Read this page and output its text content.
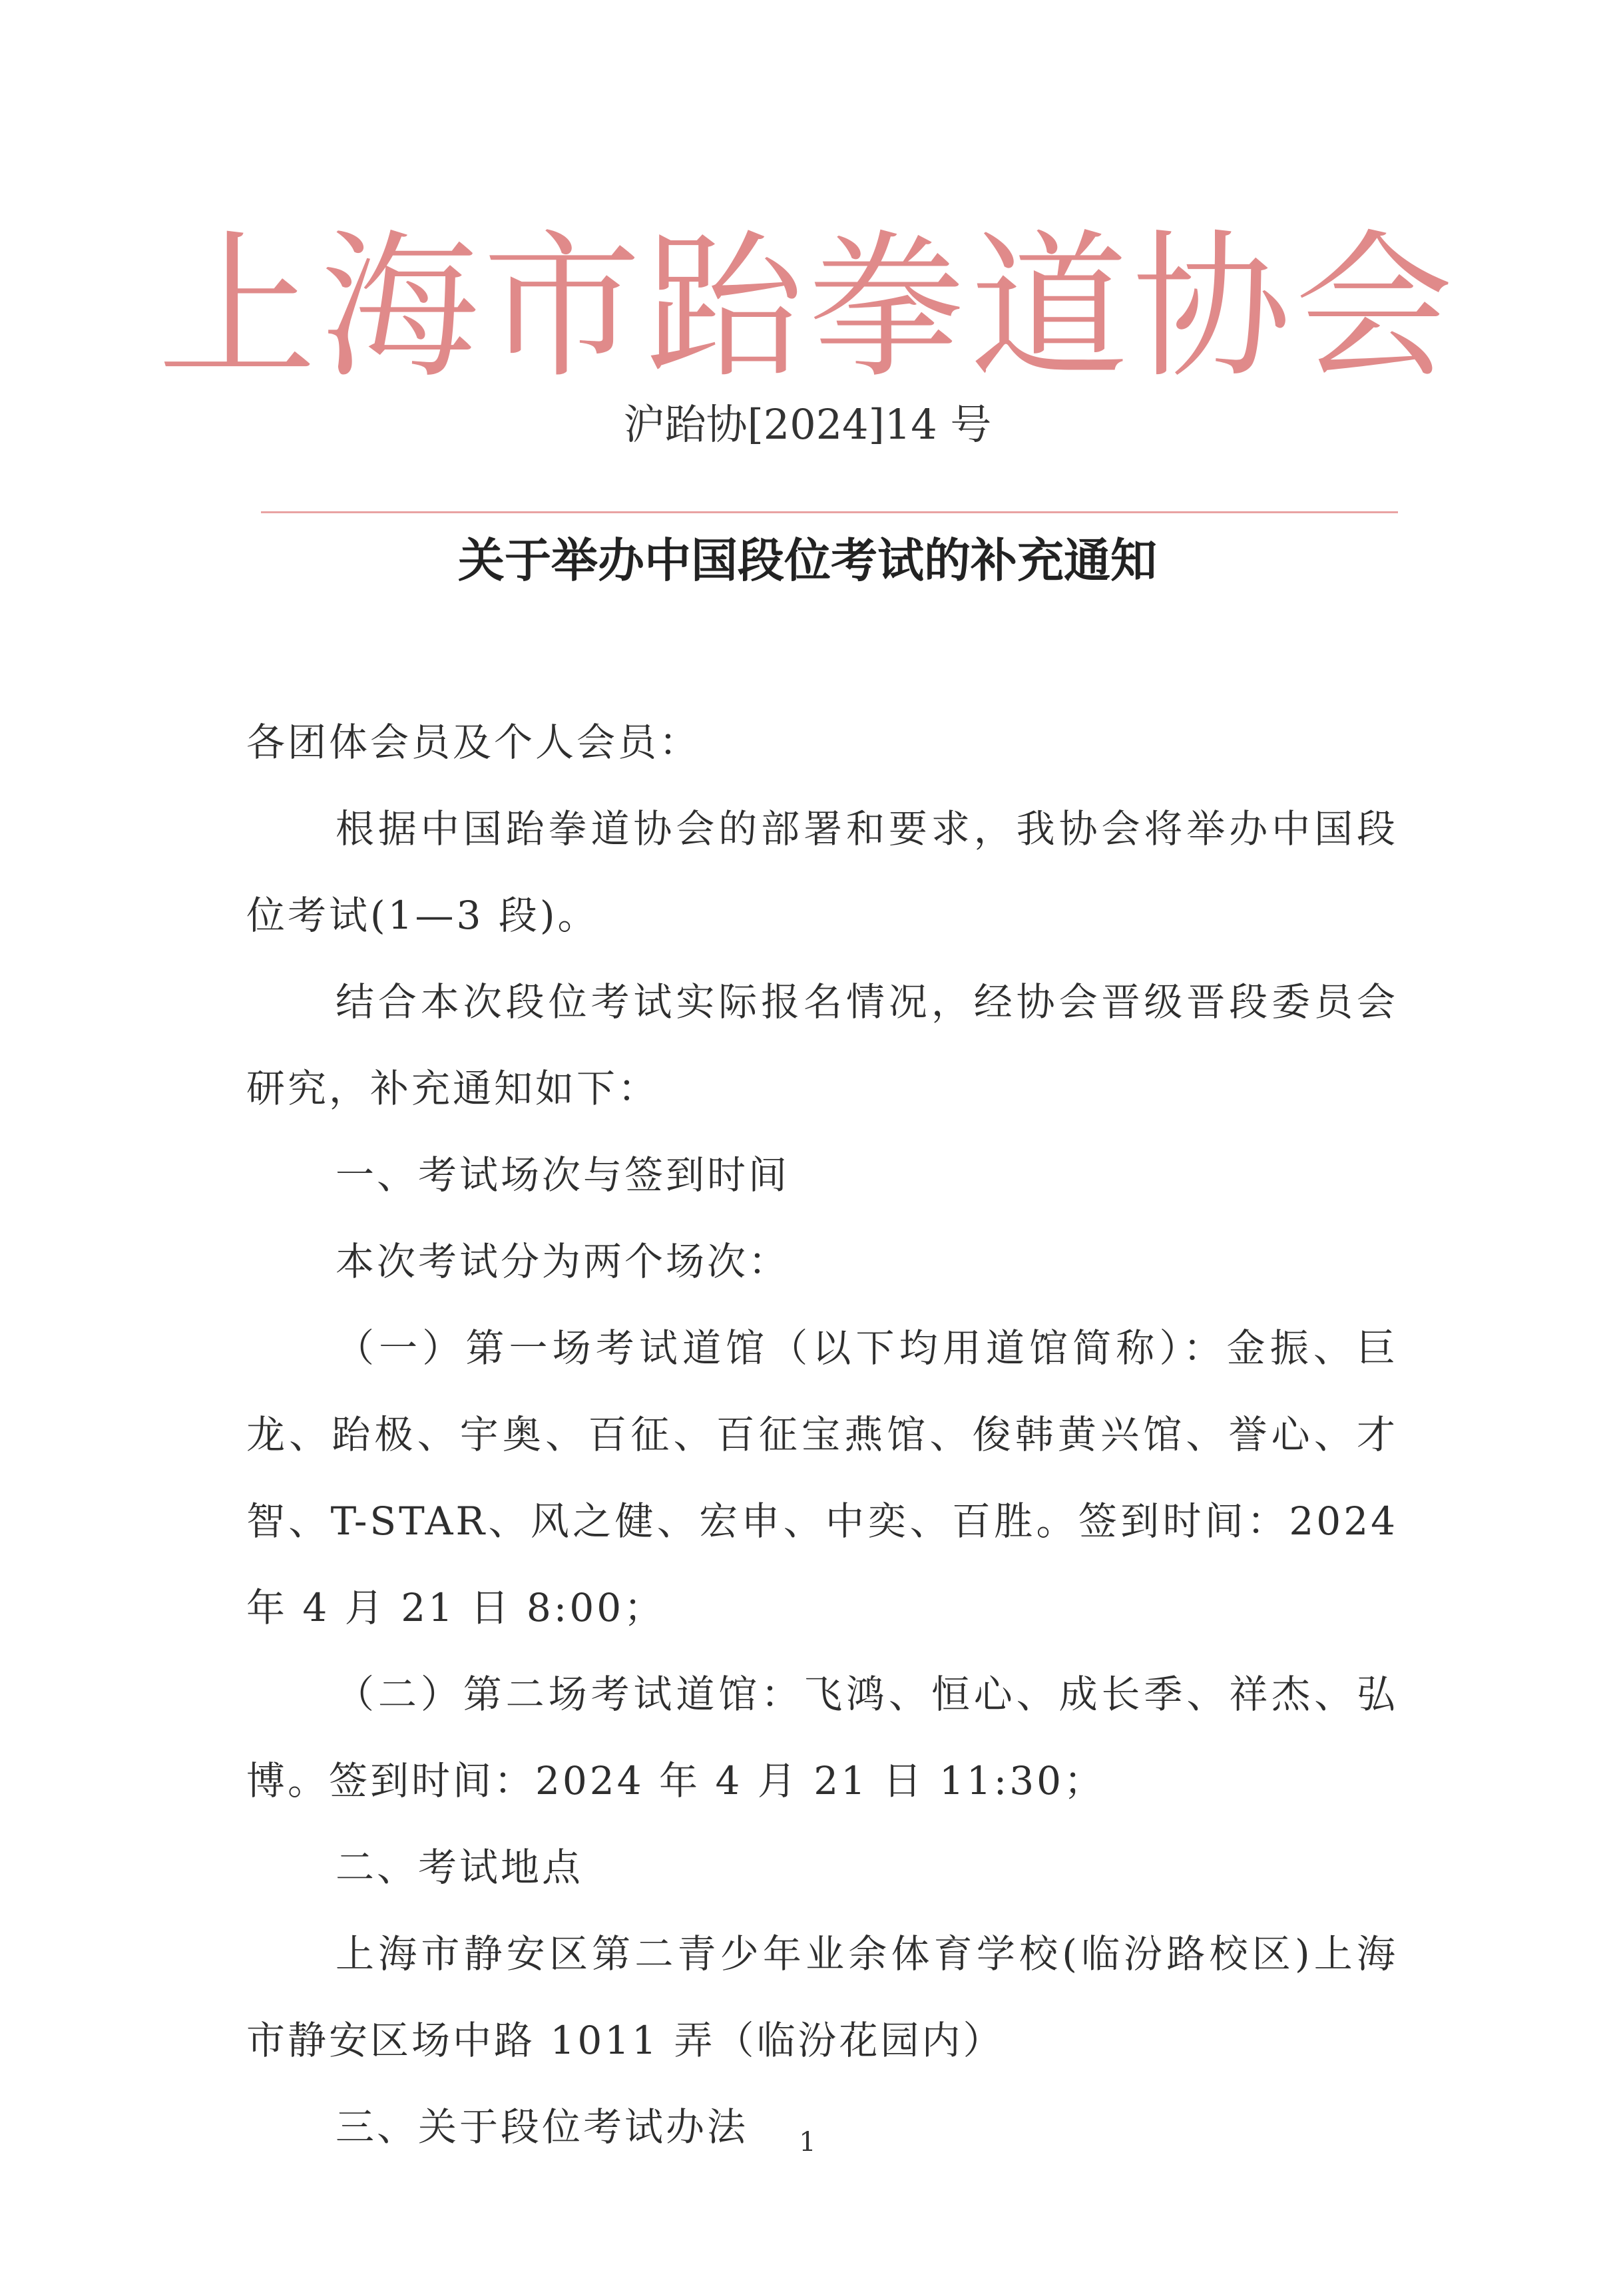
上海市跆拳道协会
沪跆协[2024]14 号
关于举办中国段位考试的补充通知

各团体会员及个人会员：

根据中国跆拳道协会的部署和要求，我协会将举办中国段位考试(1—3 段)。

结合本次段位考试实际报名情况，经协会晋级晋段委员会研究，补充通知如下：

一、考试场次与签到时间

本次考试分为两个场次：

（一）第一场考试道馆（以下均用道馆简称）：金振、巨龙、跆极、宇奥、百征、百征宝燕馆、俊韩黄兴馆、誉心、才智、T-STAR、风之健、宏申、中奕、百胜。签到时间：2024 年 4 月 21 日 8:00；

（二）第二场考试道馆：飞鸿、恒心、成长季、祥杰、弘博。签到时间：2024 年 4 月 21 日 11:30；

二、考试地点

上海市静安区第二青少年业余体育学校(临汾路校区)上海市静安区场中路 1011 弄（临汾花园内）

三、关于段位考试办法	1
